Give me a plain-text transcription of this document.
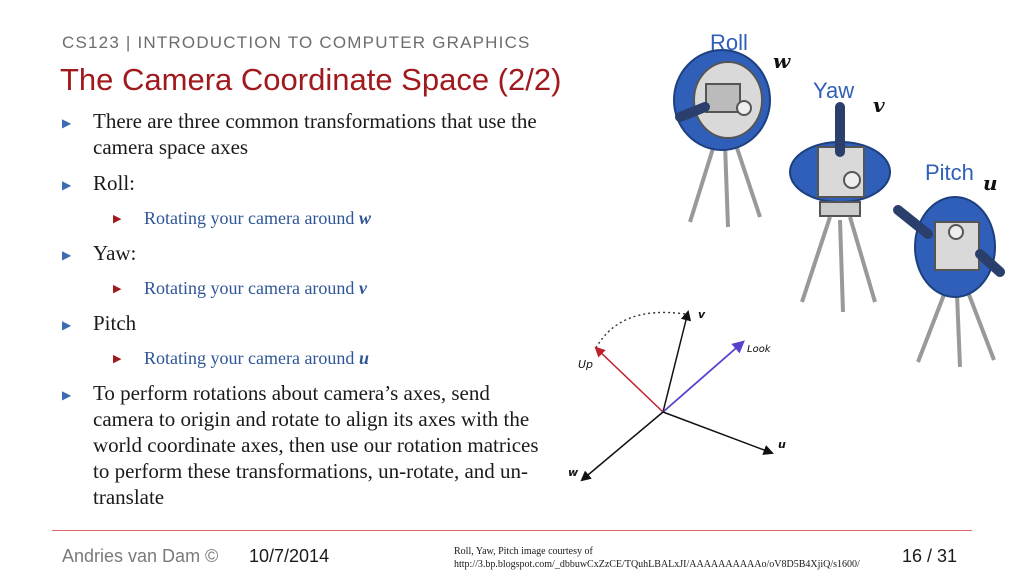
CS123 | INTRODUCTION TO COMPUTER GRAPHICS
The Camera Coordinate Space (2/2)
▶ There are three common transformations that use the camera space axes
▶ Roll:
▶ Rotating your camera around w
▶ Yaw:
▶ Rotating your camera around v
▶ Pitch
▶ Rotating your camera around u
▶ To perform rotations about camera’s axes, send camera to origin and rotate to align its axes with the world coordinate axes, then use our rotation matrices to perform these transformations, un-rotate, and un-translate
Roll
Yaw
Pitch
w
v
u
v
Look
Up
u
w
Andries van Dam © 10/7/2014	Roll, Yaw, Pitch image courtesy of http://3.bp.blogspot.com/_dbbuwCxZzCE/TQuhLBALxJI/AAAAAAAAAAo/oV8D5B4XjiQ/s1600/	16 / 31
